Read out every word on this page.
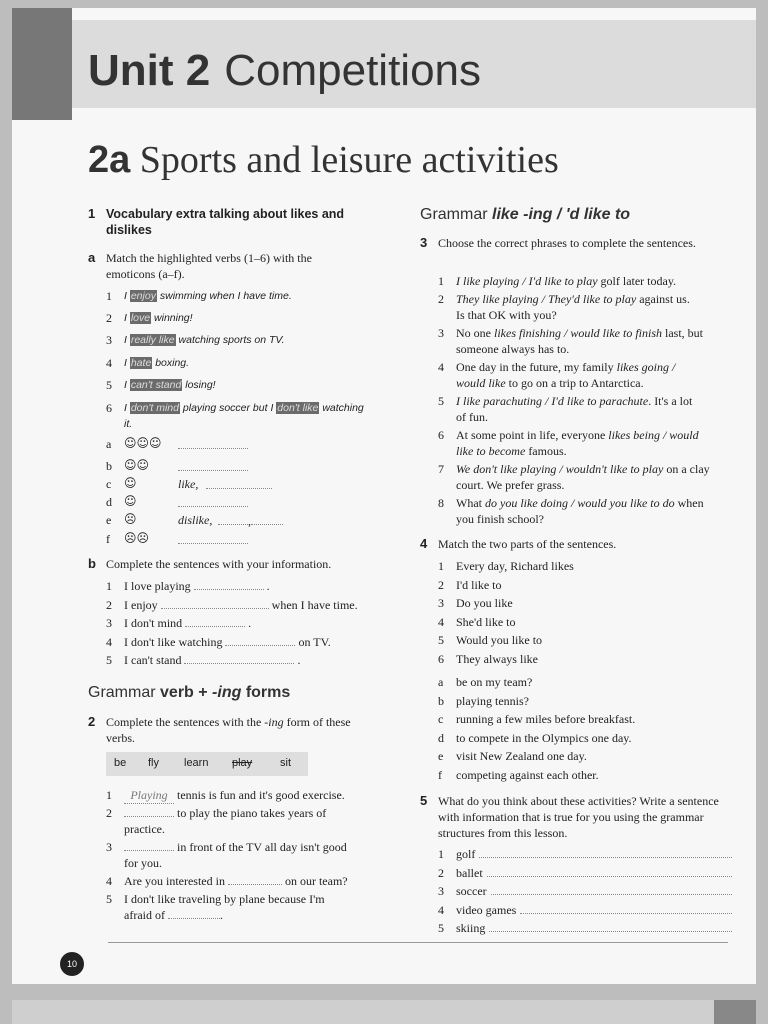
Unit 2 Competitions
2a Sports and leisure activities
1 Vocabulary extra talking about likes and dislikes
a Match the highlighted verbs (1–6) with the emoticons (a–f).
1 I enjoy swimming when I have time.
2 I love winning!
3 I really like watching sports on TV.
4 I hate boxing.
5 I can't stand losing!
6 I don't mind playing soccer but I don't like watching it.
a ☺☺☺
b ☺☺
c ☺	like,
d ☺
e ☹	dislike,	,
f ☹☹
b Complete the sentences with your information.
1 I love playing	.
2 I enjoy	when I have time.
3 I don't mind	.
4 I don't like watching	on TV.
5 I can't stand	.
Grammar verb + -ing forms
2 Complete the sentences with the -ing form of these verbs.
be fly learn play	sit
1	Playing tennis is fun and it's good exercise.
2	to play the piano takes years of
practice.
3	in front of the TV all day isn't good
for you.
4 Are you interested in	on our team?
5 I don't like traveling by plane because I'm
afraid of	.
Grammar like -ing / 'd like to
3 Choose the correct phrases to complete the sentences.
1 I like playing / I'd like to play golf later today.
2 They like playing / They'd like to play against us.
Is that OK with you?
3 No one likes finishing / would like to finish last, but
someone always has to.
4 One day in the future, my family likes going /
would like to go on a trip to Antarctica.
5 I like parachuting / I'd like to parachute. It's a lot
of fun.
6 At some point in life, everyone likes being / would
like to become famous.
7 We don't like playing / wouldn't like to play on a clay
court. We prefer grass.
8 What do you like doing / would you like to do when
you finish school?
4 Match the two parts of the sentences.
1 Every day, Richard likes
2 I'd like to
3 Do you like
4 She'd like to
5 Would you like to
6 They always like
a be on my team?
b playing tennis?
c running a few miles before breakfast.
d to compete in the Olympics one day.
e visit New Zealand one day.
f competing against each other.
5 What do you think about these activities? Write a sentence with information that is true for you using the grammar structures from this lesson.
1 golf
2 ballet
3 soccer
4 video games
5 skiing
10
